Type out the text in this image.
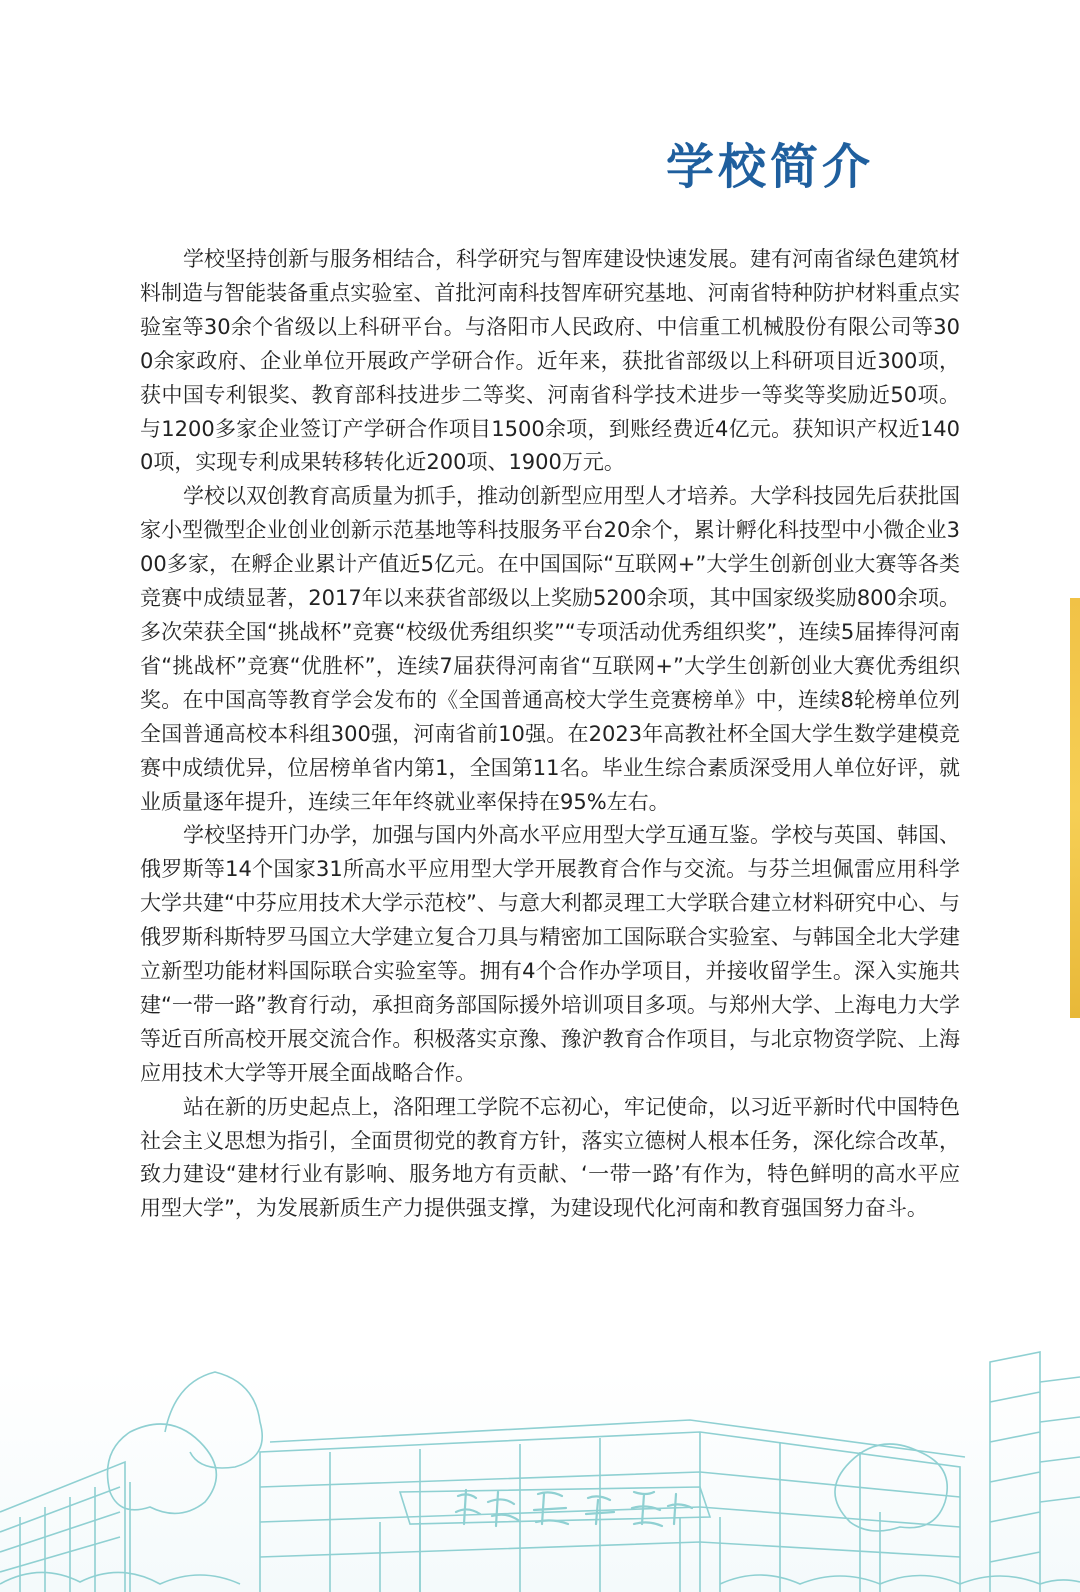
学校简介

学校坚持创新与服务相结合，科学研究与智库建设快速发展。建有河南省绿色建筑材料制造与智能装备重点实验室、首批河南科技智库研究基地、河南省特种防护材料重点实验室等30余个省级以上科研平台。与洛阳市人民政府、中信重工机械股份有限公司等300余家政府、企业单位开展政产学研合作。近年来，获批省部级以上科研项目近300项，获中国专利银奖、教育部科技进步二等奖、河南省科学技术进步一等奖等奖励近50项。与1200多家企业签订产学研合作项目1500余项，到账经费近4亿元。获知识产权近1400项，实现专利成果转移转化近200项、1900万元。

学校以双创教育高质量为抓手，推动创新型应用型人才培养。大学科技园先后获批国家小型微型企业创业创新示范基地等科技服务平台20余个，累计孵化科技型中小微企业300多家，在孵企业累计产值近5亿元。在中国国际“互联网+”大学生创新创业大赛等各类竞赛中成绩显著，2017年以来获省部级以上奖励5200余项，其中国家级奖励800余项。多次荣获全国“挑战杯”竞赛“校级优秀组织奖”“专项活动优秀组织奖”，连续5届捧得河南省“挑战杯”竞赛“优胜杯”，连续7届获得河南省“互联网+”大学生创新创业大赛优秀组织奖。在中国高等教育学会发布的《全国普通高校大学生竞赛榜单》中，连续8轮榜单位列全国普通高校本科组300强，河南省前10强。在2023年高教社杯全国大学生数学建模竞赛中成绩优异，位居榜单省内第1，全国第11名。毕业生综合素质深受用人单位好评，就业质量逐年提升，连续三年年终就业率保持在95%左右。

学校坚持开门办学，加强与国内外高水平应用型大学互通互鉴。学校与英国、韩国、俄罗斯等14个国家31所高水平应用型大学开展教育合作与交流。与芬兰坦佩雷应用科学大学共建“中芬应用技术大学示范校”、与意大利都灵理工大学联合建立材料研究中心、与俄罗斯科斯特罗马国立大学建立复合刀具与精密加工国际联合实验室、与韩国全北大学建立新型功能材料国际联合实验室等。拥有4个合作办学项目，并接收留学生。深入实施共建“一带一路”教育行动，承担商务部国际援外培训项目多项。与郑州大学、上海电力大学等近百所高校开展交流合作。积极落实京豫、豫沪教育合作项目，与北京物资学院、上海应用技术大学等开展全面战略合作。

站在新的历史起点上，洛阳理工学院不忘初心，牢记使命，以习近平新时代中国特色社会主义思想为指引，全面贯彻党的教育方针，落实立德树人根本任务，深化综合改革，致力建设“建材行业有影响、服务地方有贡献、‘一带一路’有作为，特色鲜明的高水平应用型大学”，为发展新质生产力提供强支撑，为建设现代化河南和教育强国努力奋斗。
